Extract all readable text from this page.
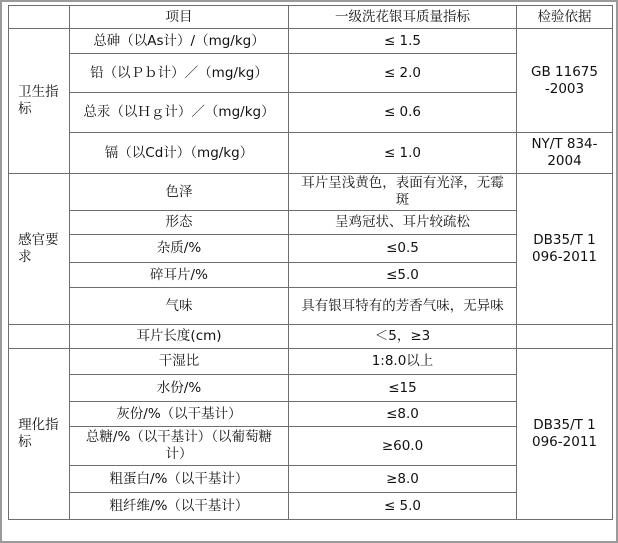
	项目	一级洗花银耳质量指标	检验依据
卫生指标	总砷（以As计）/（mg/kg）	≤ 1.5	GB 11675-2003
	铅（以Ｐｂ计）／（mg/kg）	≤ 2.0	
	总汞（以Ｈｇ计）／（mg/kg）	≤ 0.6	
	镉（以Cd计）（mg/kg）	≤ 1.0	NY/T 834-2004
感官要求	色泽	耳片呈浅黄色，表面有光泽，无霉斑	DB35/T 1096-2011
	形态	呈鸡冠状、耳片较疏松	
	杂质/%	≤0.5	
	碎耳片/%	≤5.0	
	气味	具有银耳特有的芳香气味，无异味	
	耳片长度(cm)	＜5，≥3	
理化指标	干湿比	1:8.0以上	DB35/T 1096-2011
	水份/%	≤15	
	灰份/%（以干基计）	≤8.0	
	总糖/%（以干基计）（以葡萄糖计）	≥60.0	
	粗蛋白/%（以干基计）	≥8.0	
	粗纤维/%（以干基计）	≤ 5.0	
